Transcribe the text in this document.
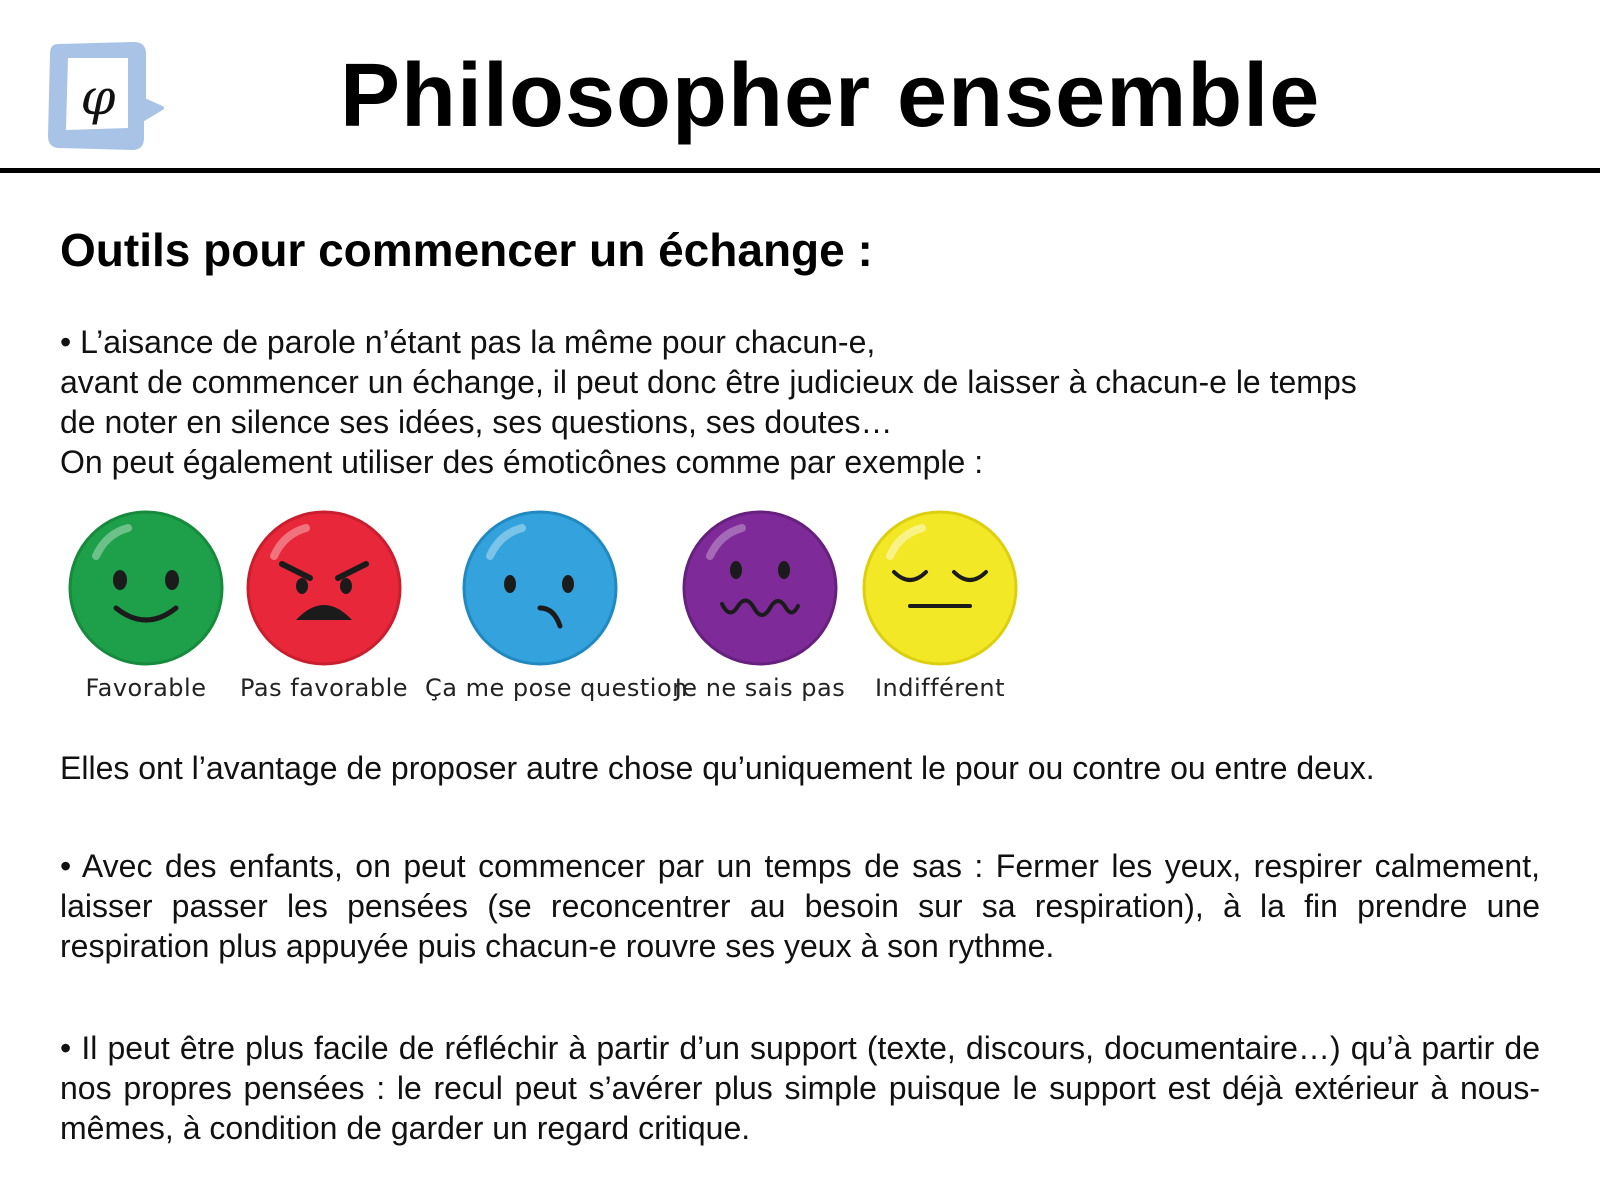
φ Philosopher ensemble
Outils pour commencer un échange :
• L’aisance de parole n’étant pas la même pour chacun-e,
avant de commencer un échange, il peut donc être judicieux de laisser à chacun-e le temps
de noter en silence ses idées, ses questions, ses doutes…
On peut également utiliser des émoticônes comme par exemple :
Favorable	Pas favorable Ça me pose question
Je ne sais pas	Indifférent
Elles ont l’avantage de proposer autre chose qu’uniquement le pour ou contre ou entre deux.
• Avec des enfants, on peut commencer par un temps de sas : Fermer les yeux, respirer calmement, laisser passer les pensées (se reconcentrer au besoin sur sa respiration), à la fin prendre une respiration plus appuyée puis chacun-e rouvre ses yeux à son rythme.
• Il peut être plus facile de réfléchir à partir d’un support (texte, discours, documentaire…) qu’à partir de nos propres pensées : le recul peut s’avérer plus simple puisque le support est déjà extérieur à nous-mêmes, à condition de garder un regard critique.
